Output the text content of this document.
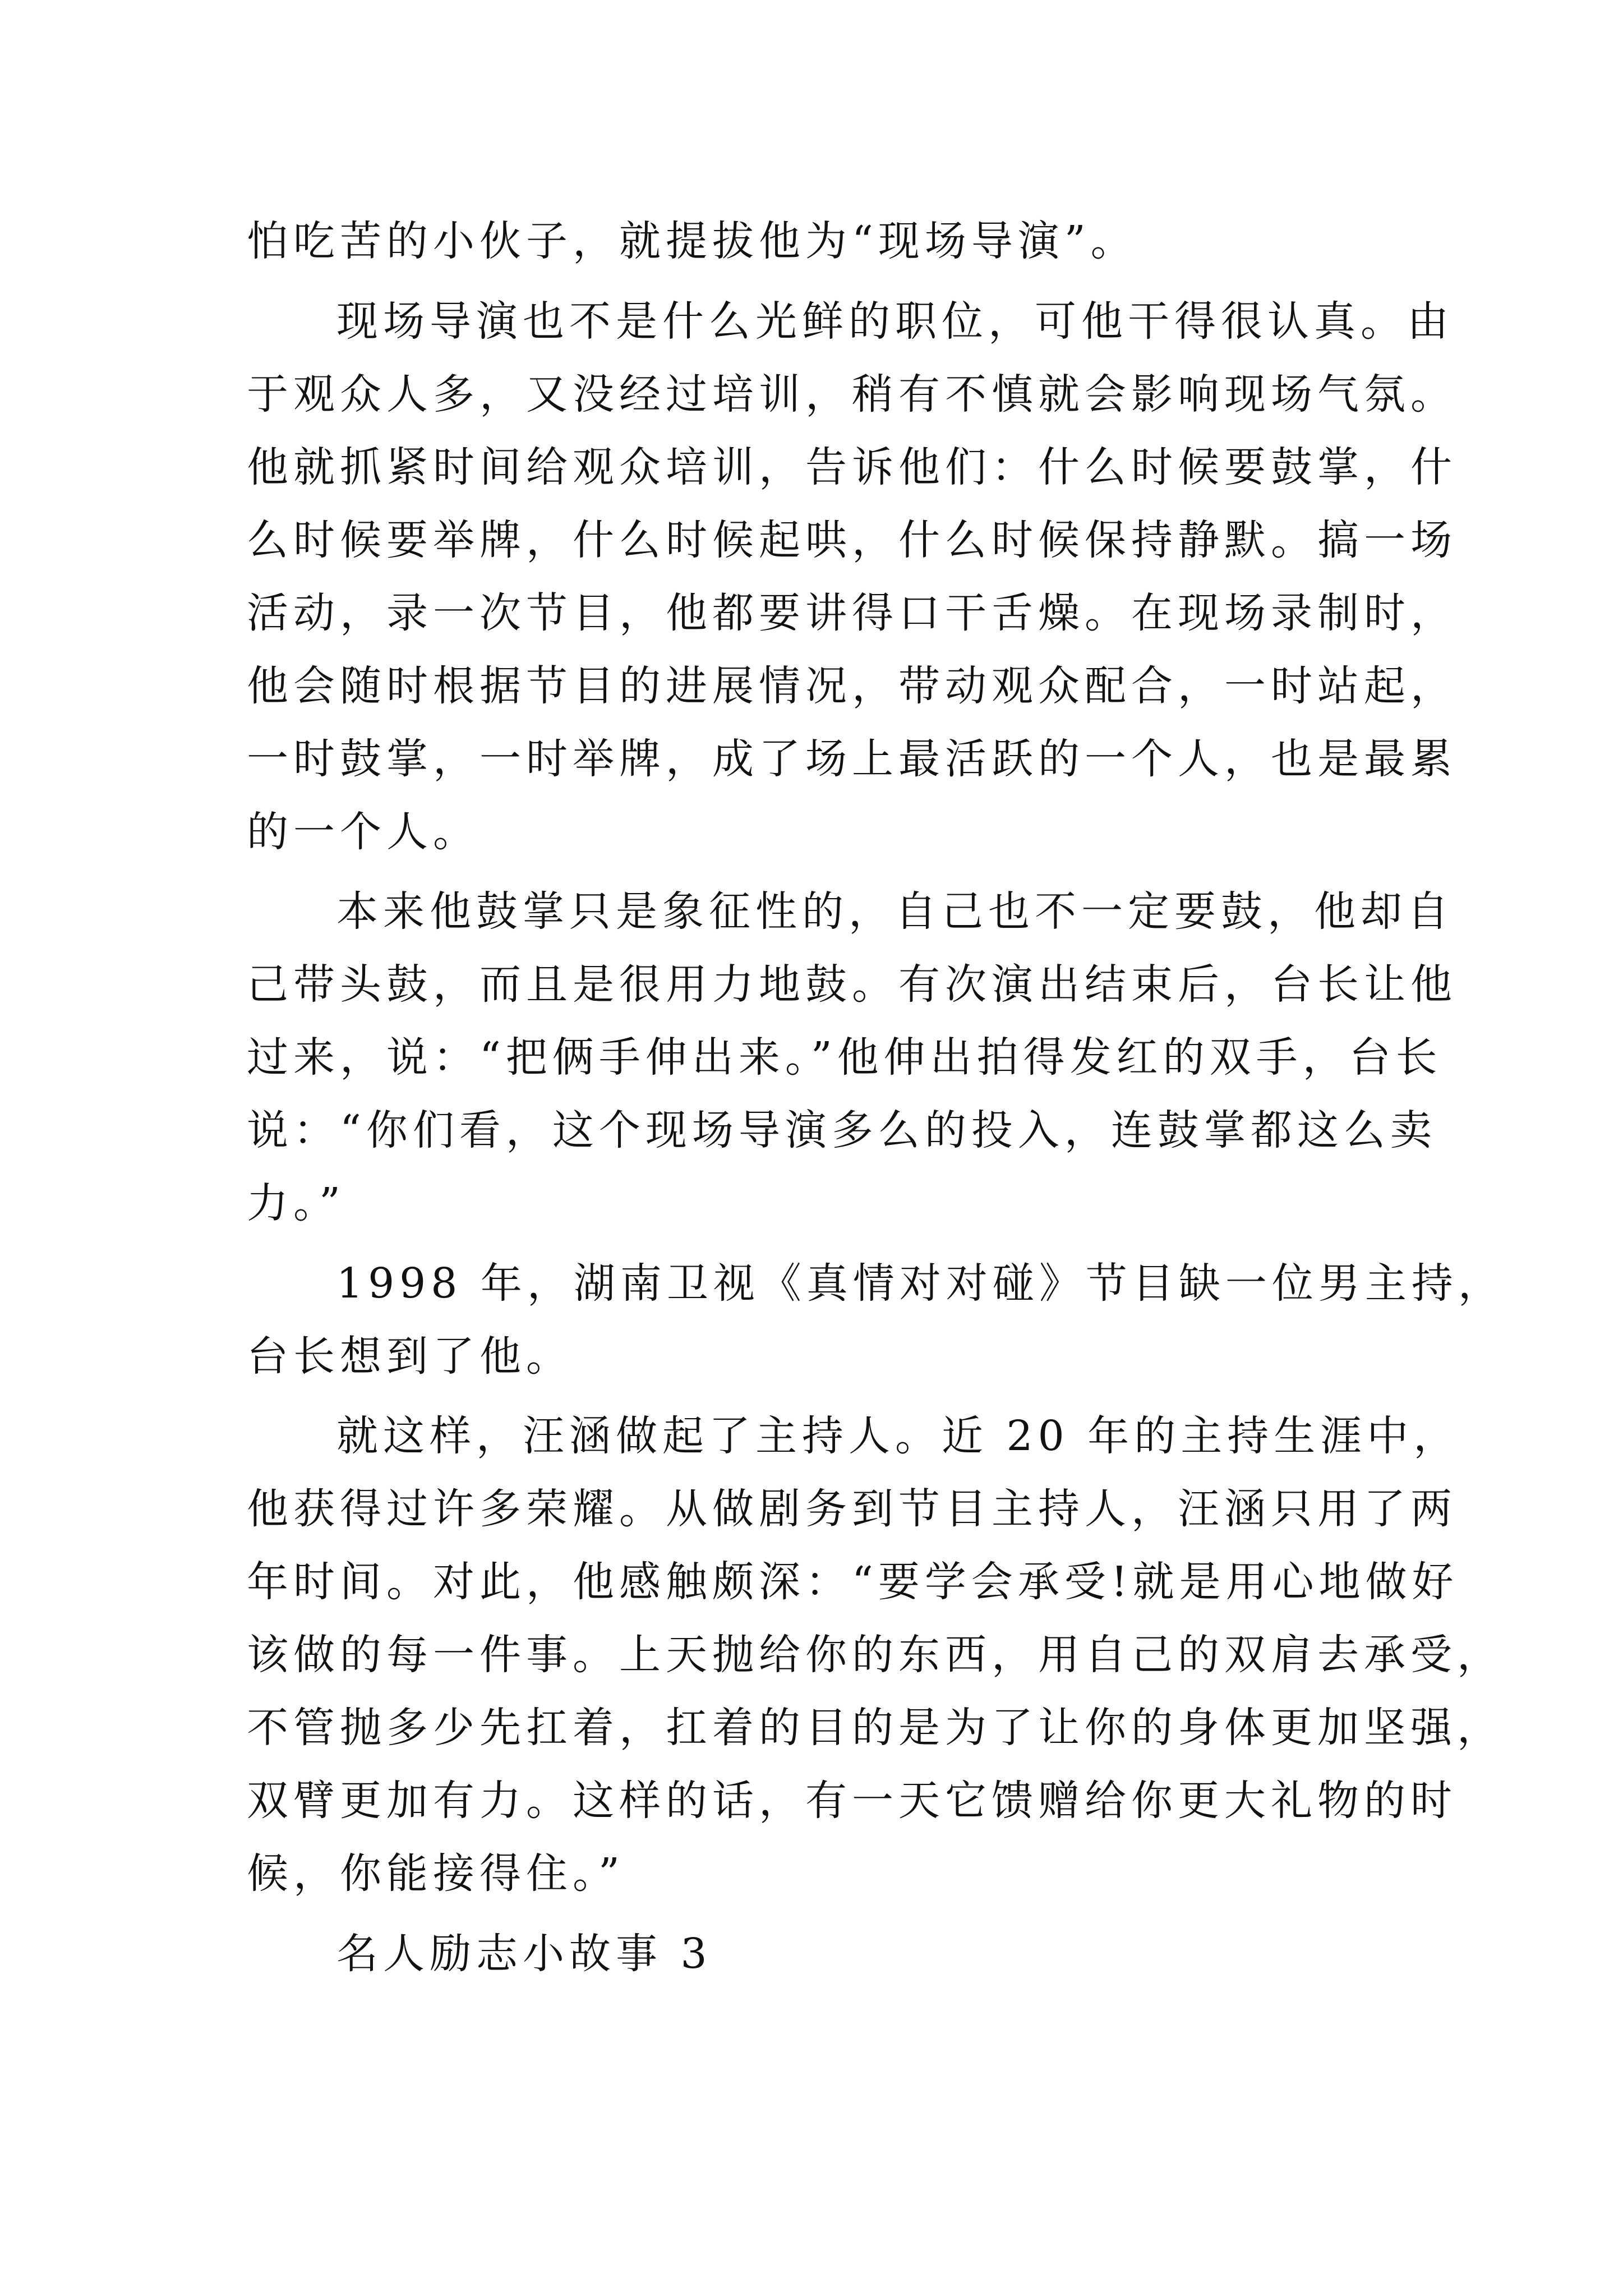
怕吃苦的小伙子，就提拔他为“现场导演”。
现场导演也不是什么光鲜的职位，可他干得很认真。由
于观众人多，又没经过培训，稍有不慎就会影响现场气氛。
他就抓紧时间给观众培训，告诉他们：什么时候要鼓掌，什
么时候要举牌，什么时候起哄，什么时候保持静默。搞一场
活动，录一次节目，他都要讲得口干舌燥。在现场录制时，
他会随时根据节目的进展情况，带动观众配合，一时站起，
一时鼓掌，一时举牌，成了场上最活跃的一个人，也是最累
的一个人。
本来他鼓掌只是象征性的，自己也不一定要鼓，他却自
己带头鼓，而且是很用力地鼓。有次演出结束后，台长让他
过来，说：“把俩手伸出来。”他伸出拍得发红的双手，台长
说：“你们看，这个现场导演多么的投入，连鼓掌都这么卖
力。”
1998 年，湖南卫视《真情对对碰》节目缺一位男主持，
台长想到了他。
就这样，汪涵做起了主持人。近 20 年的主持生涯中，
他获得过许多荣耀。从做剧务到节目主持人，汪涵只用了两
年时间。对此，他感触颇深：“要学会承受!就是用心地做好
该做的每一件事。上天抛给你的东西，用自己的双肩去承受，
不管抛多少先扛着，扛着的目的是为了让你的身体更加坚强，
双臂更加有力。这样的话，有一天它馈赠给你更大礼物的时
候，你能接得住。”
名人励志小故事 3
